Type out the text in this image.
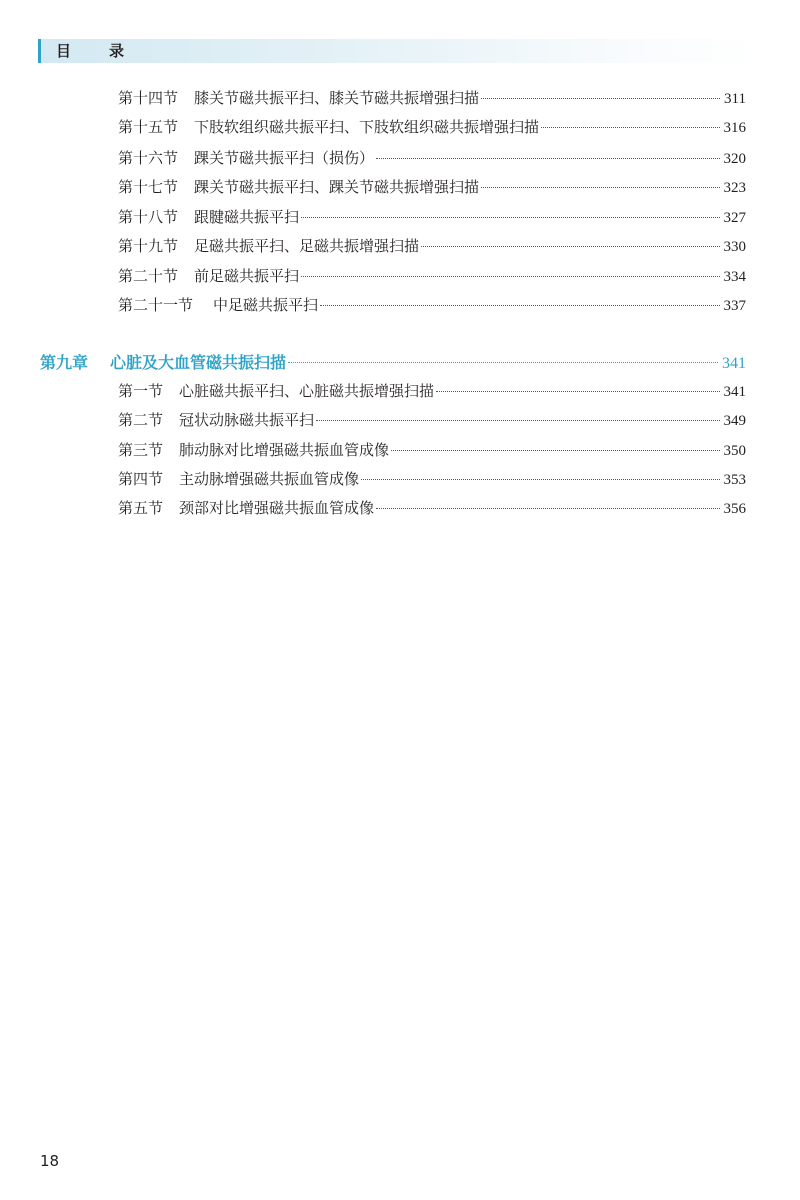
目录
第十四节 膝关节磁共振平扫、膝关节磁共振增强扫描	311
第十五节 下肢软组织磁共振平扫、下肢软组织磁共振增强扫描	316
第十六节 踝关节磁共振平扫（损伤）	320
第十七节 踝关节磁共振平扫、踝关节磁共振增强扫描	323
第十八节 跟腱磁共振平扫	327
第十九节 足磁共振平扫、足磁共振增强扫描	330
第二十节 前足磁共振平扫	334
第二十一节 中足磁共振平扫	337
第九章 心脏及大血管磁共振扫描	341
第一节 心脏磁共振平扫、心脏磁共振增强扫描	341
第二节 冠状动脉磁共振平扫	349
第三节 肺动脉对比增强磁共振血管成像	350
第四节 主动脉增强磁共振血管成像	353
第五节 颈部对比增强磁共振血管成像	356
18
